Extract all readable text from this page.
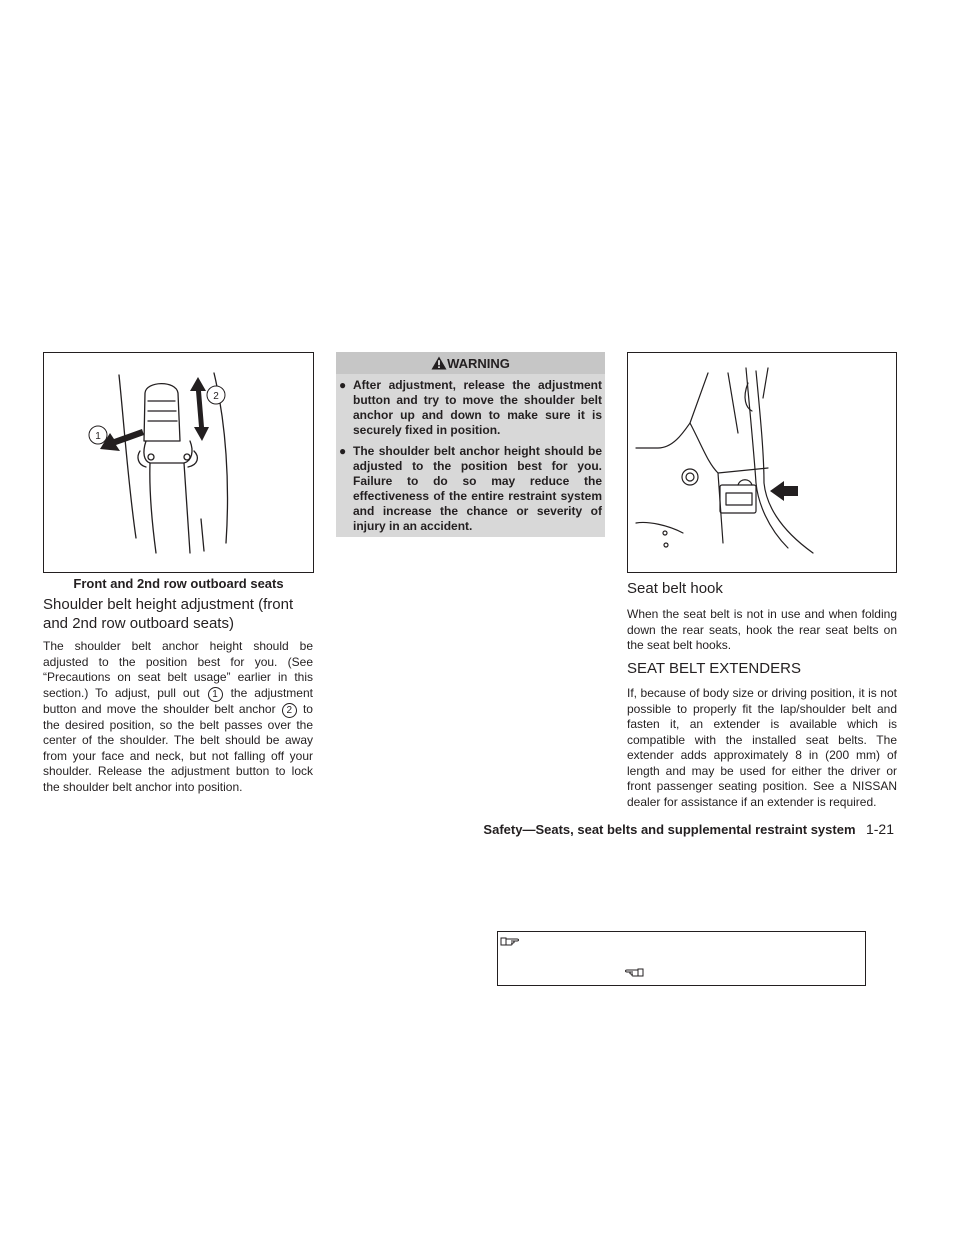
1
2
Front and 2nd row outboard seats
Shoulder belt height adjustment (front and 2nd row outboard seats)
The shoulder belt anchor height should be adjusted to the position best for you. (See “Precautions on seat belt usage” earlier in this section.) To adjust, pull out 1 the adjustment button and move the shoulder belt anchor 2 to the desired position, so the belt passes over the center of the shoulder. The belt should be away from your face and neck, but not falling off your shoulder. Release the adjustment button to lock the shoulder belt anchor into position.
WARNING
● After adjustment, release the adjustment button and try to move the shoulder belt anchor up and down to make sure it is securely fixed in position.
● The shoulder belt anchor height should be adjusted to the position best for you. Failure to do so may reduce the effectiveness of the entire restraint system and increase the chance or severity of injury in an accident.
Seat belt hook
When the seat belt is not in use and when folding down the rear seats, hook the rear seat belts on the seat belt hooks.
SEAT BELT EXTENDERS
If, because of body size or driving position, it is not possible to properly fit the lap/shoulder belt and fasten it, an extender is available which is compatible with the installed seat belts. The extender adds approximately 8 in (200 mm) of length and may be used for either the driver or front passenger seating position. See a NISSAN dealer for assistance if an extender is required.
Safety—Seats, seat belts and supplemental restraint system 1-21
